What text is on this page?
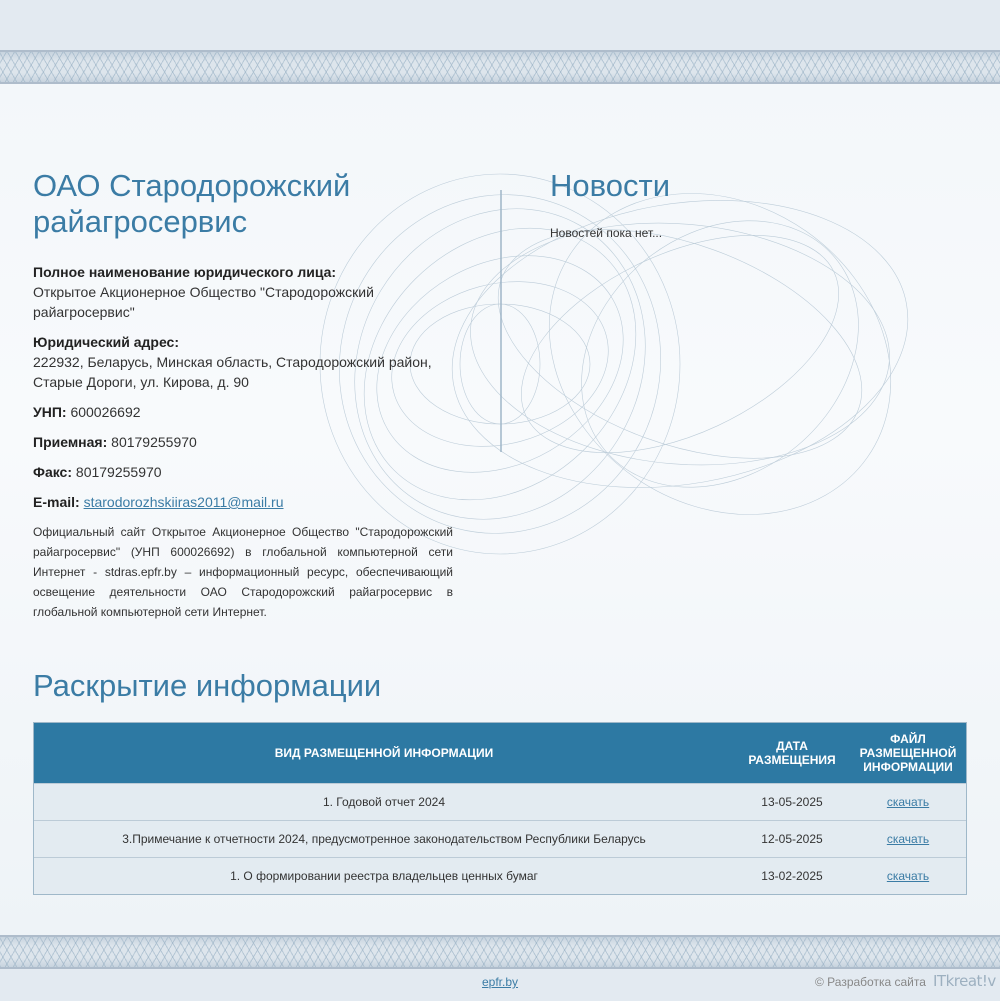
ОАО Стародорожский райагросервис
Полное наименование юридического лица:
Открытое Акционерное Общество "Стародорожский райагросервис"
Юридический адрес:
222932, Беларусь, Минская область, Стародорожский район, Старые Дороги, ул. Кирова, д. 90
УНП: 600026692
Приемная: 80179255970
Факс: 80179255970
E-mail: starodorozhskiiras2011@mail.ru

Официальный сайт Открытое Акционерное Общество "Стародорожский райагросервис" (УНП 600026692) в глобальной компьютерной сети Интернет - stdras.epfr.by – информационный ресурс, обеспечивающий освещение деятельности ОАО Стародорожский райагросервис в глобальной компьютерной сети Интернет.

Новости

Новостей пока нет...

Раскрытие информации
ВИД РАЗМЕЩЕННОЙ ИНФОРМАЦИИ	ДАТА РАЗМЕЩЕНИЯ	ФАЙЛ РАЗМЕЩЕННОЙ ИНФОРМАЦИИ
1. Годовой отчет 2024	13-05-2025	скачать
3.Примечание к отчетности 2024, предусмотренное законодательством Республики Беларусь	12-05-2025	скачать
1. О формировании реестра владельцев ценных бумаг	13-02-2025	скачать
epfr.by	© Разработка сайта ITkreat!v
